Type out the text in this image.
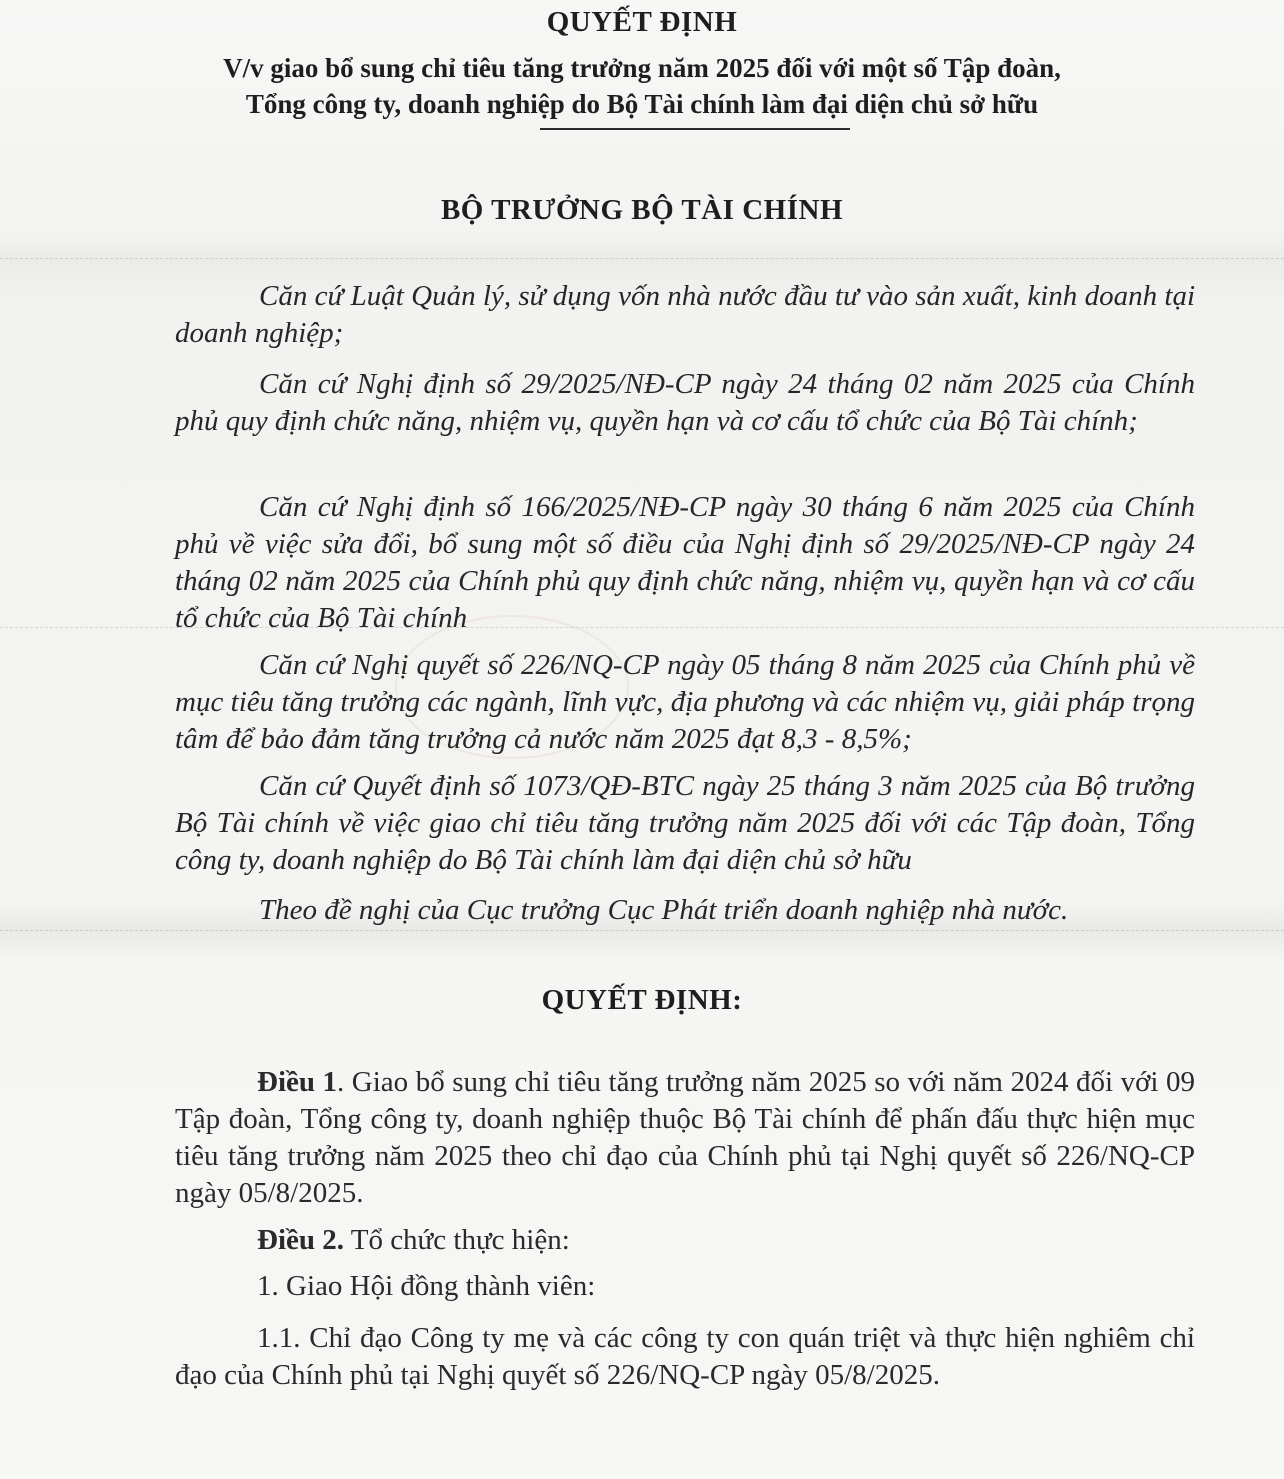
QUYẾT ĐỊNH
V/v giao bổ sung chỉ tiêu tăng trưởng năm 2025 đối với một số Tập đoàn,
Tổng công ty, doanh nghiệp do Bộ Tài chính làm đại diện chủ sở hữu
BỘ TRƯỞNG BỘ TÀI CHÍNH

Căn cứ Luật Quản lý, sử dụng vốn nhà nước đầu tư vào sản xuất, kinh doanh tại doanh nghiệp;

Căn cứ Nghị định số 29/2025/NĐ-CP ngày 24 tháng 02 năm 2025 của Chính phủ quy định chức năng, nhiệm vụ, quyền hạn và cơ cấu tổ chức của Bộ Tài chính;

Căn cứ Nghị định số 166/2025/NĐ-CP ngày 30 tháng 6 năm 2025 của Chính phủ về việc sửa đổi, bổ sung một số điều của Nghị định số 29/2025/NĐ-CP ngày 24 tháng 02 năm 2025 của Chính phủ quy định chức năng, nhiệm vụ, quyền hạn và cơ cấu tổ chức của Bộ Tài chính

Căn cứ Nghị quyết số 226/NQ-CP ngày 05 tháng 8 năm 2025 của Chính phủ về mục tiêu tăng trưởng các ngành, lĩnh vực, địa phương và các nhiệm vụ, giải pháp trọng tâm để bảo đảm tăng trưởng cả nước năm 2025 đạt 8,3 - 8,5%;

Căn cứ Quyết định số 1073/QĐ-BTC ngày 25 tháng 3 năm 2025 của Bộ trưởng Bộ Tài chính về việc giao chỉ tiêu tăng trưởng năm 2025 đối với các Tập đoàn, Tổng công ty, doanh nghiệp do Bộ Tài chính làm đại diện chủ sở hữu

Theo đề nghị của Cục trưởng Cục Phát triển doanh nghiệp nhà nước.

QUYẾT ĐỊNH:
Điều 1. Giao bổ sung chỉ tiêu tăng trưởng năm 2025 so với năm 2024 đối với 09 Tập đoàn, Tổng công ty, doanh nghiệp thuộc Bộ Tài chính để phấn đấu thực hiện mục tiêu tăng trưởng năm 2025 theo chỉ đạo của Chính phủ tại Nghị quyết số 226/NQ-CP ngày 05/8/2025.
Điều 2. Tổ chức thực hiện:
1. Giao Hội đồng thành viên:
1.1. Chỉ đạo Công ty mẹ và các công ty con quán triệt và thực hiện nghiêm chỉ đạo của Chính phủ tại Nghị quyết số 226/NQ-CP ngày 05/8/2025.
